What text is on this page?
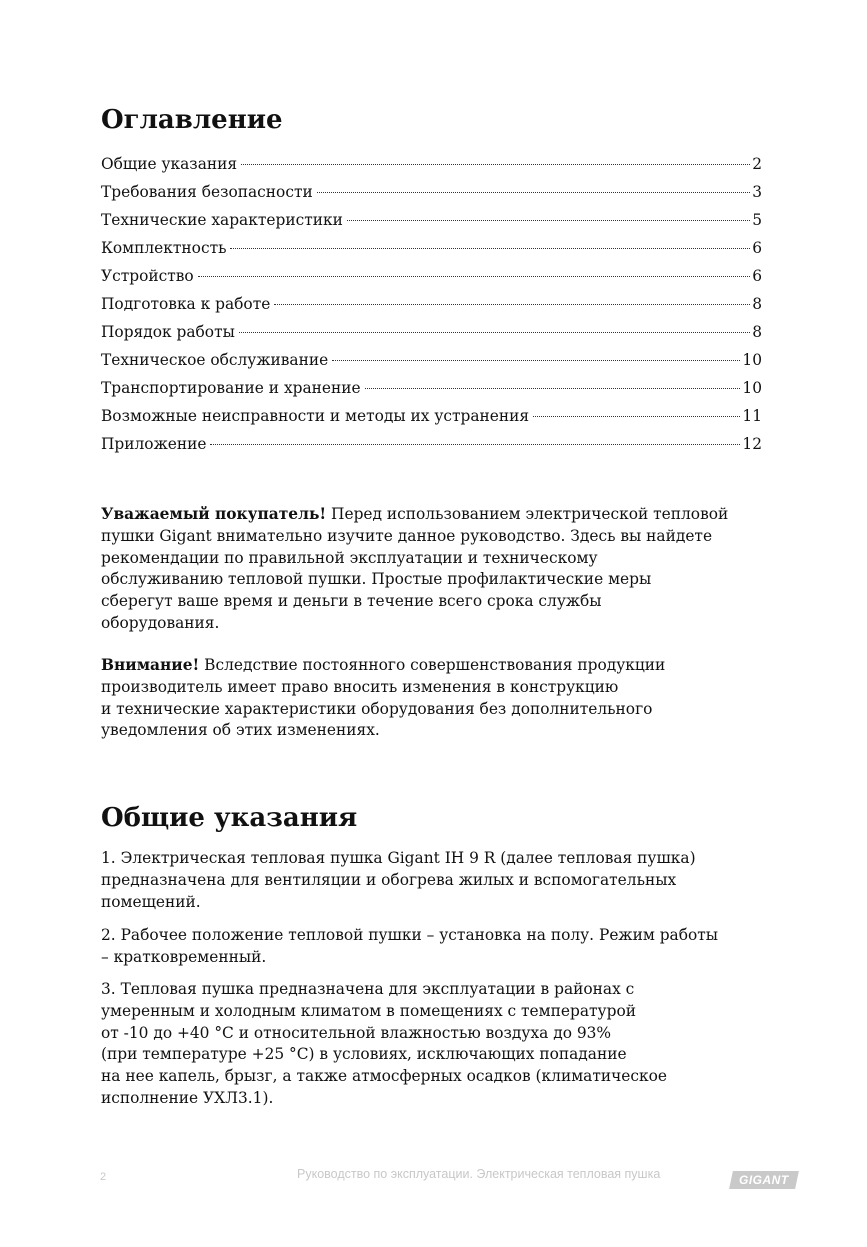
Оглавление
Общие указания	2
Требования безопасности	3
Технические характеристики	5
Комплектность	6
Устройство	6
Подготовка к работе	8
Порядок работы	8
Техническое обслуживание	10
Транспортирование и хранение	10
Возможные неисправности и методы их устранения	11
Приложение	12

Уважаемый покупатель! Перед использованием электрической тепловой
пушки Gigant внимательно изучите данное руководство. Здесь вы найдете
рекомендации по правильной эксплуатации и техническому
обслуживанию тепловой пушки. Простые профилактические меры
сберегут ваше время и деньги в течение всего срока службы
оборудования.

Внимание! Вследствие постоянного совершенствования продукции
производитель имеет право вносить изменения в конструкцию
и технические характеристики оборудования без дополнительного
уведомления об этих изменениях.

Общие указания

1. Электрическая тепловая пушка Gigant IH 9 R (далее тепловая пушка)
предназначена для вентиляции и обогрева жилых и вспомогательных
помещений.

2. Рабочее положение тепловой пушки – установка на полу. Режим работы
– кратковременный.

3. Тепловая пушка предназначена для эксплуатации в районах с
умеренным и холодным климатом в помещениях с температурой
от -10 до +40 °С и относительной влажностью воздуха до 93%
(при температуре +25 °С) в условиях, исключающих попадание
на нее капель, брызг, а также атмосферных осадков (климатическое
исполнение УХЛ3.1).

2	Руководство по эксплуатации. Электрическая тепловая пушка	GIGANT
